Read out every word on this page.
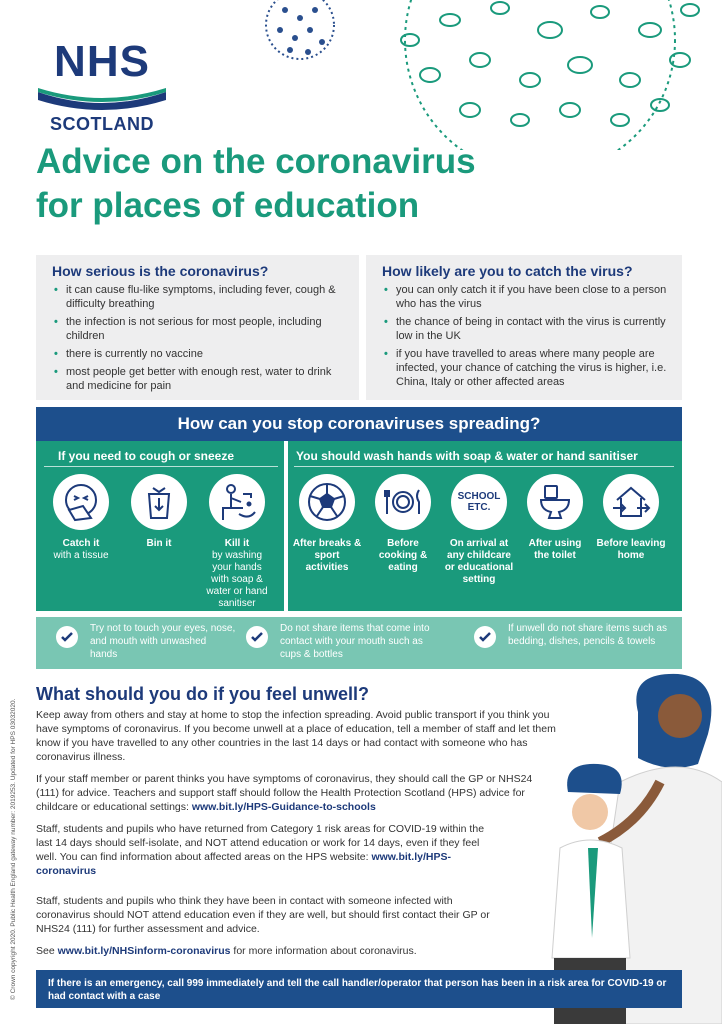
NHS
SCOTLAND
Advice on the coronavirus
for places of education
How serious is the coronavirus?
• it can cause flu-like symptoms, including fever, cough & difficulty breathing
• the infection is not serious for most people, including children
• there is currently no vaccine
• most people get better with enough rest, water to drink and medicine for pain
How likely are you to catch the virus?
• you can only catch it if you have been close to a person who has the virus
• the chance of being in contact with the virus is currently low in the UK
• if you have travelled to areas where many people are infected, your chance of catching the virus is higher, i.e. China, Italy or other affected areas
How can you stop coronaviruses spreading?
If you need to cough or sneeze	You should wash hands with soap & water or hand sanitiser
Catch it
with a tissue
Bin it	Kill it
by washing your hands with soap & water or hand sanitiser
After breaks & sport activities
Before cooking & eating
SCHOOL
ETC.
On arrival at any childcare or educational setting
After using the toilet
Before leaving home
Try not to touch your eyes, nose, and mouth with unwashed hands
Do not share items that come into contact with your mouth such as cups & bottles
If unwell do not share items such as bedding, dishes, pencils & towels
What should you do if you feel unwell?
Keep away from others and stay at home to stop the infection spreading. Avoid public transport if you think you have symptoms of coronavirus. If you become unwell at a place of education, tell a member of staff and let them know if you have travelled to any other countries in the last 14 days or had contact with someone who has coronavirus illness.
If your staff member or parent thinks you have symptoms of coronavirus, they should call the GP or NHS24 (111) for advice. Teachers and support staff should follow the Health Protection Scotland (HPS) advice for childcare or educational settings: www.bit.ly/HPS-Guidance-to-schools
Staff, students and pupils who have returned from Category 1 risk areas for COVID-19 within the last 14 days should self-isolate, and NOT attend education or work for 14 days, even if they feel well. You can find information about affected areas on the HPS website: www.bit.ly/HPS-coronavirus
Staff, students and pupils who think they have been in contact with someone infected with coronavirus should NOT attend education even if they are well, but should first contact their GP or NHS24 (111) for further assessment and advice.
See www.bit.ly/NHSinform-coronavirus for more information about coronavirus.
If there is an emergency, call 999 immediately and tell the call handler/operator that person has been in a risk area for COVID-19 or had contact with a case
© Crown copyright 2020. Public Health England gateway number: 2019253. Updated for HPS 03032020.
